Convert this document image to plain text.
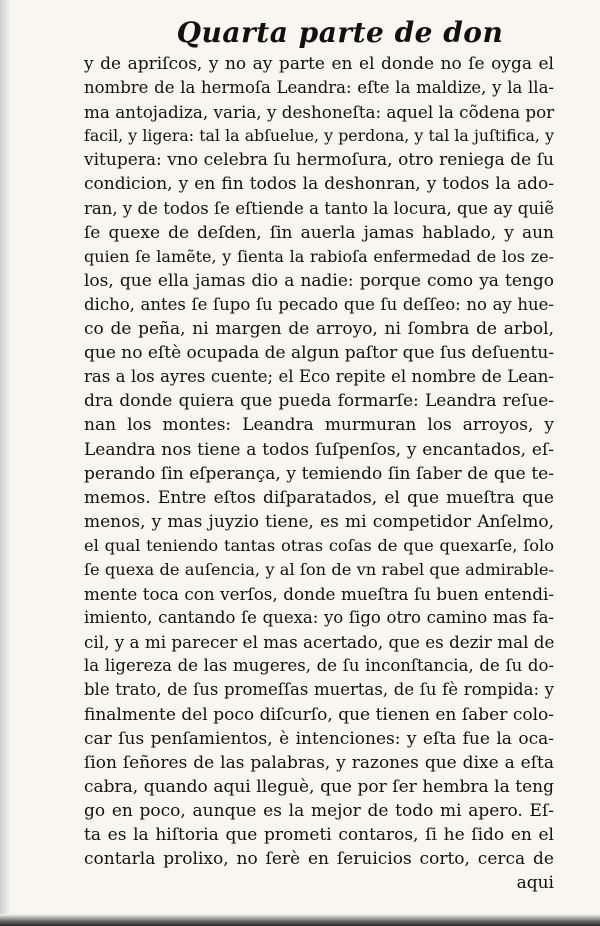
Quarta parte de don
y de apriſcos, y no ay parte en el donde no ſe oyga el
nombre de la hermoſa Leandra: eſte la maldize, y la lla-
ma antojadiza, varia, y deshoneſta: aquel la cõdena por
facil, y ligera: tal la abſuelue, y perdona, y tal la juſtifica, y
vitupera: vno celebra ſu hermoſura, otro reniega de ſu
condicion, y en fin todos la deshonran, y todos la ado-
ran, y de todos ſe eſtiende a tanto la locura, que ay quiẽ
ſe quexe de deſden, ſin auerla jamas hablado, y aun
quien ſe lamẽte, y ſienta la rabioſa enfermedad de los ze-
los, que ella jamas dio a nadie: porque como ya tengo
dicho, antes ſe ſupo ſu pecado que ſu deſſeo: no ay hue-
co de peña, ni margen de arroyo, ni ſombra de arbol,
que no eſtè ocupada de algun paſtor que ſus deſuentu-
ras a los ayres cuente; el Eco repite el nombre de Lean-
dra donde quiera que pueda formarſe: Leandra reſue-
nan los montes: Leandra murmuran los arroyos, y
Leandra nos tiene a todos ſuſpenſos, y encantados, eſ-
perando ſin eſperança, y temiendo ſin ſaber de que te-
memos. Entre eſtos diſparatados, el que mueſtra que
menos, y mas juyzio tiene, es mi competidor Anſelmo,
el qual teniendo tantas otras coſas de que quexarſe, ſolo
ſe quexa de auſencia, y al ſon de vn rabel que admirable-
mente toca con verſos, donde mueſtra ſu buen entendi-
imiento, cantando ſe quexa: yo ſigo otro camino mas fa-
cil, y a mi parecer el mas acertado, que es dezir mal de
la ligereza de las mugeres, de ſu inconſtancia, de ſu do-
ble trato, de ſus promeſſas muertas, de ſu fè rompida: y
finalmente del poco diſcurſo, que tienen en ſaber colo-
car ſus penſamientos, è intenciones: y eſta fue la oca-
ſion ſeñores de las palabras, y razones que dixe a eſta
cabra, quando aqui lleguè, que por ſer hembra la teng
go en poco, aunque es la mejor de todo mi apero. Eſ-
ta es la hiſtoria que prometi contaros, ſi he ſido en el
contarla prolixo, no ſerè en ſeruicios corto, cerca de
aqui
